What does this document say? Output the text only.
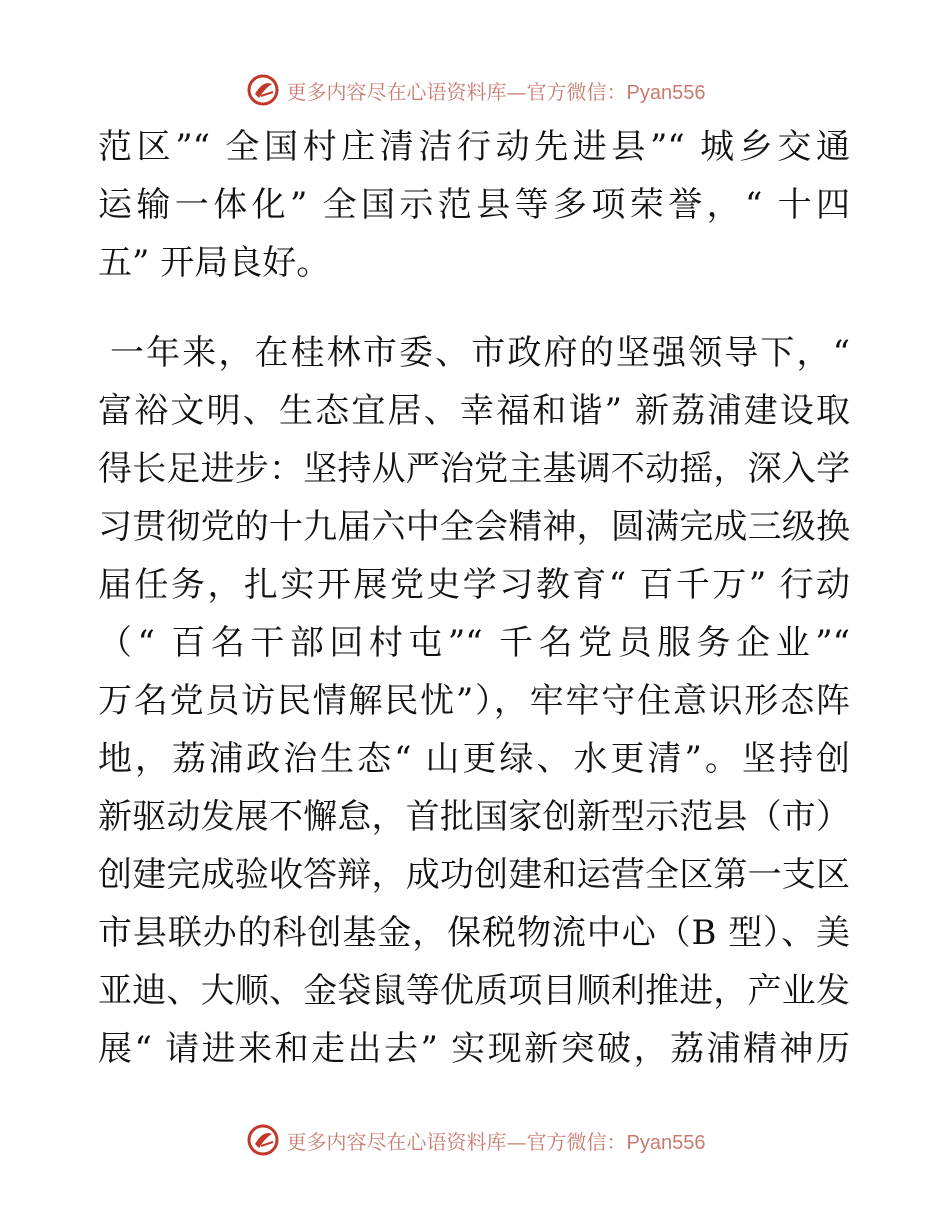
更多内容尽在心语资料库—官方微信：Pyan556
范区”“ 全国村庄清洁行动先进县”“ 城乡交通
运输一体化” 全国示范县等多项荣誉，“ 十四
五” 开局良好。
一年来，在桂林市委、市政府的坚强领导下，“
富裕文明、生态宜居、幸福和谐” 新荔浦建设取
得长足进步：坚持从严治党主基调不动摇，深入学
习贯彻党的十九届六中全会精神，圆满完成三级换
届任务，扎实开展党史学习教育“ 百千万” 行动
（“ 百名干部回村屯”“ 千名党员服务企业”“
万名党员访民情解民忧”），牢牢守住意识形态阵
地，荔浦政治生态“ 山更绿、水更清”。坚持创
新驱动发展不懈怠，首批国家创新型示范县（市）
创建完成验收答辩，成功创建和运营全区第一支区
市县联办的科创基金，保税物流中心（B 型）、美
亚迪、大顺、金袋鼠等优质项目顺利推进，产业发
展“ 请进来和走出去” 实现新突破，荔浦精神历
更多内容尽在心语资料库—官方微信：Pyan556
